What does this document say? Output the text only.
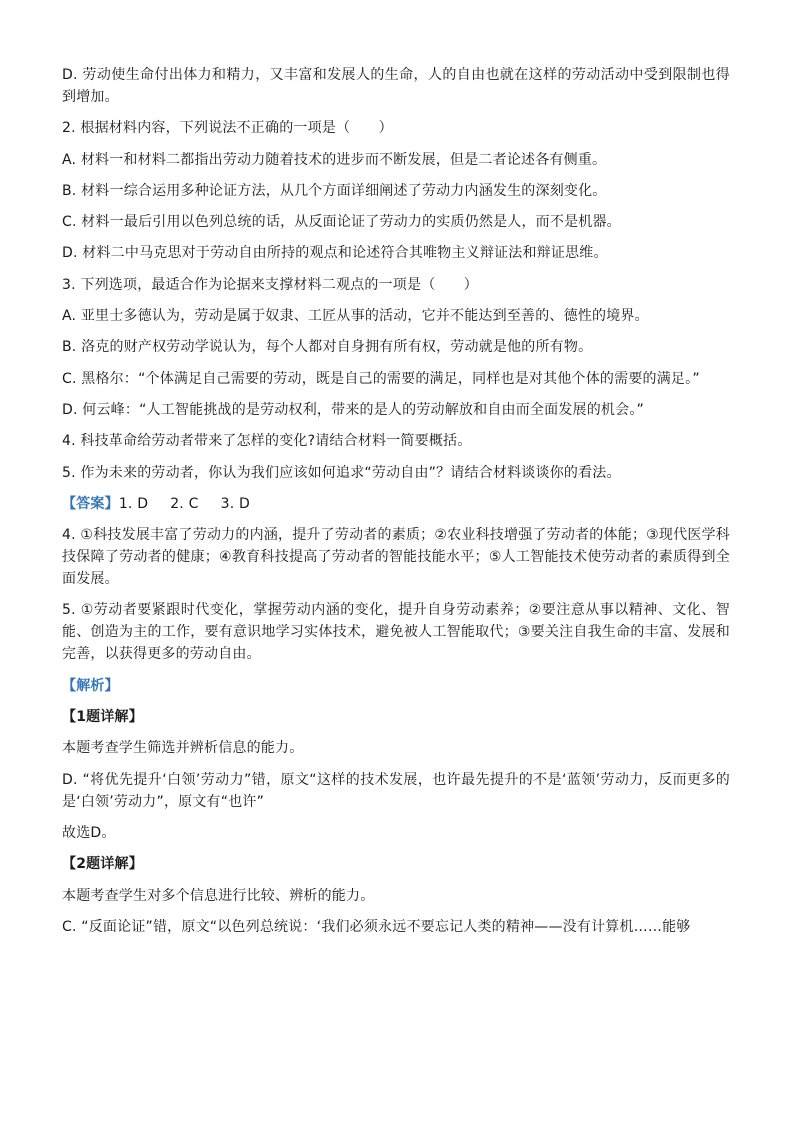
D. 劳动使生命付出体力和精力，又丰富和发展人的生命，人的自由也就在这样的劳动活动中受到限制也得到增加。

2. 根据材料内容，下列说法不正确的一项是（　　）

A. 材料一和材料二都指出劳动力随着技术的进步而不断发展，但是二者论述各有侧重。

B. 材料一综合运用多种论证方法，从几个方面详细阐述了劳动力内涵发生的深刻变化。

C. 材料一最后引用以色列总统的话，从反面论证了劳动力的实质仍然是人，而不是机器。

D. 材料二中马克思对于劳动自由所持的观点和论述符合其唯物主义辩证法和辩证思维。

3. 下列选项，最适合作为论据来支撑材料二观点的一项是（　　）

A. 亚里士多德认为，劳动是属于奴隶、工匠从事的活动，它并不能达到至善的、德性的境界。

B. 洛克的财产权劳动学说认为，每个人都对自身拥有所有权，劳动就是他的所有物。

C. 黑格尔：“个体满足自己需要的劳动，既是自己的需要的满足，同样也是对其他个体的需要的满足。”

D. 何云峰：“人工智能挑战的是劳动权利，带来的是人的劳动解放和自由而全面发展的机会。”

4. 科技革命给劳动者带来了怎样的变化?请结合材料一简要概括。

5. 作为未来的劳动者，你认为我们应该如何追求“劳动自由”？请结合材料谈谈你的看法。

【答案】1. D 2. C 3. D

4. ①科技发展丰富了劳动力的内涵，提升了劳动者的素质；②农业科技增强了劳动者的体能；③现代医学科技保障了劳动者的健康；④教育科技提高了劳动者的智能技能水平；⑤人工智能技术使劳动者的素质得到全面发展。

5. ①劳动者要紧跟时代变化，掌握劳动内涵的变化，提升自身劳动素养；②要注意从事以精神、文化、智能、创造为主的工作，要有意识地学习实体技术，避免被人工智能取代；③要关注自我生命的丰富、发展和完善，以获得更多的劳动自由。

【解析】

【1题详解】

本题考查学生筛选并辨析信息的能力。

D. “将优先提升‘白领’劳动力”错，原文“这样的技术发展，也许最先提升的不是‘蓝领’劳动力，反而更多的是‘白领’劳动力”，原文有“也许”

故选D。

【2题详解】

本题考查学生对多个信息进行比较、辨析的能力。

C. “反面论证”错，原文“以色列总统说：‘我们必须永远不要忘记人类的精神——没有计算机……能够
